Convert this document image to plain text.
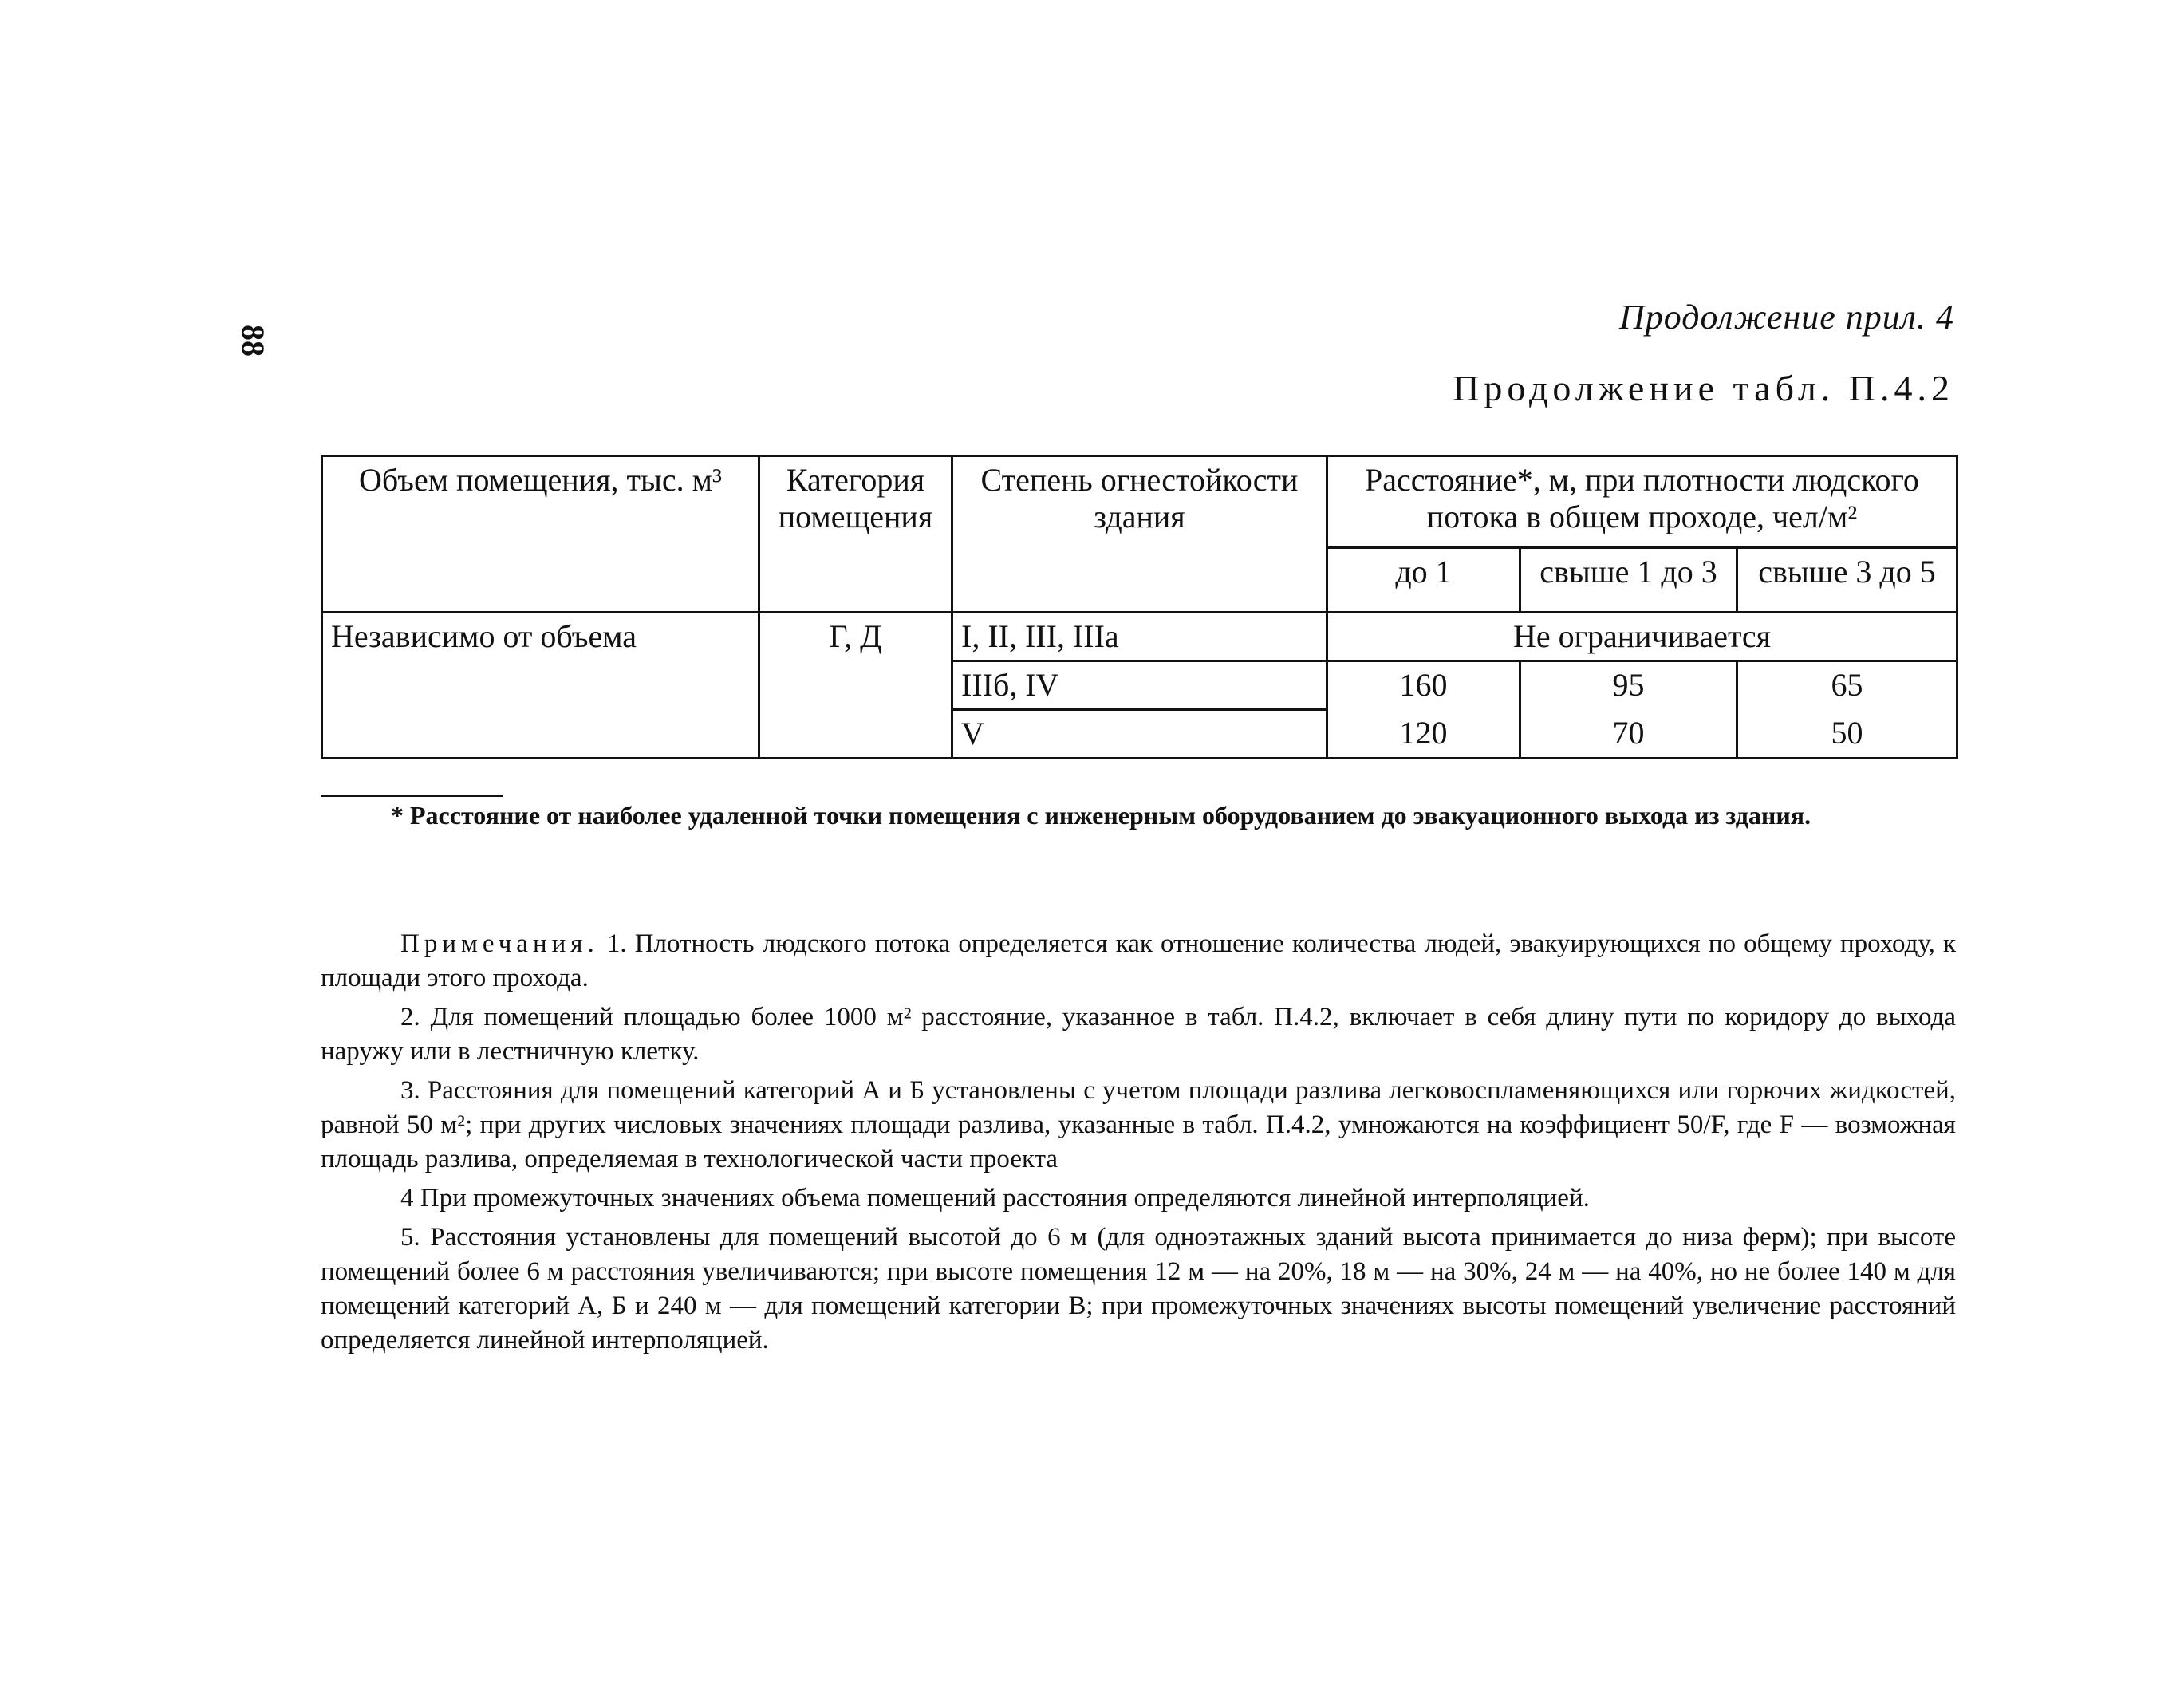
88
Продолжение прил. 4
Продолжение табл. П.4.2
Объем помещения, тыс. м³	Категория помещения	Степень огнестойкости здания	Расстояние*, м, при плотности людского потока в общем проходе, чел/м²		
			до 1	свыше 1 до 3	свыше 3 до 5
Независимо от объема	Г, Д	I, II, III, IIIа	Не ограничивается		
		IIIб, IV	160	95	65
		V	120	70	50
* Расстояние от наиболее удаленной точки помещения с инженерным оборудованием до эвакуационного выхода из здания.

Примечания. 1. Плотность людского потока определяется как отношение количества людей, эвакуирующихся по общему проходу, к площади этого прохода.

2. Для помещений площадью более 1000 м² расстояние, указанное в табл. П.4.2, включает в себя длину пути по коридору до выхода наружу или в лестничную клетку.

3. Расстояния для помещений категорий А и Б установлены с учетом площади разлива легковоспламеняющихся или горючих жидкостей, равной 50 м²; при других числовых значениях площади разлива, указанные в табл. П.4.2, умножаются на коэффициент 50/F, где F — возможная площадь разлива, определяемая в технологической части проекта

4 При промежуточных значениях объема помещений расстояния определяются линейной интерполяцией.

5. Расстояния установлены для помещений высотой до 6 м (для одноэтажных зданий высота принимается до низа ферм); при высоте помещений более 6 м расстояния увеличиваются; при высоте помещения 12 м — на 20%, 18 м — на 30%, 24 м — на 40%, но не более 140 м для помещений категорий А, Б и 240 м — для помещений категории В; при промежуточных значениях высоты помещений увеличение расстояний определяется линейной интерполяцией.
